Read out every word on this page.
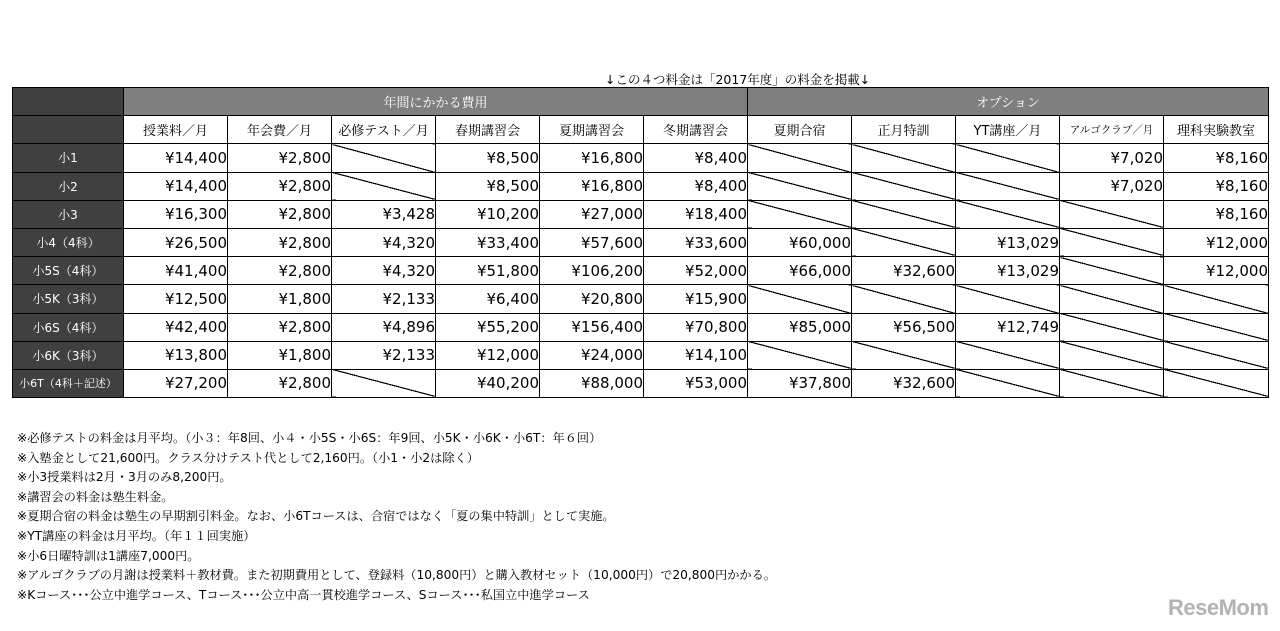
↓この４つ料金は「2017年度」の料金を掲載↓
	年間にかかる費用						オプション				
	授業料／月	年会費／月	必修テスト／月	春期講習会	夏期講習会	冬期講習会	夏期合宿	正月特訓	YT講座／月	アルゴクラブ／月	理科実験教室
小1	¥14,400	¥2,800		¥8,500	¥16,800	¥8,400				¥7,020	¥8,160
小2	¥14,400	¥2,800		¥8,500	¥16,800	¥8,400				¥7,020	¥8,160
小3	¥16,300	¥2,800	¥3,428	¥10,200	¥27,000	¥18,400					¥8,160
小4（4科）	¥26,500	¥2,800	¥4,320	¥33,400	¥57,600	¥33,600	¥60,000		¥13,029		¥12,000
小5S（4科）	¥41,400	¥2,800	¥4,320	¥51,800	¥106,200	¥52,000	¥66,000	¥32,600	¥13,029		¥12,000
小5K（3科）	¥12,500	¥1,800	¥2,133	¥6,400	¥20,800	¥15,900					
小6S（4科）	¥42,400	¥2,800	¥4,896	¥55,200	¥156,400	¥70,800	¥85,000	¥56,500	¥12,749		
小6K（3科）	¥13,800	¥1,800	¥2,133	¥12,000	¥24,000	¥14,100					
小6T（4科＋記述）	¥27,200	¥2,800		¥40,200	¥88,000	¥53,000	¥37,800	¥32,600			
※必修テストの料金は月平均。（小３：年8回、小４・小5S・小6S：年9回、小5K・小6K・小6T：年６回）
※入塾金として21,600円。クラス分けテスト代として2,160円。（小1・小2は除く）
※小3授業料は2月・3月のみ8,200円。
※講習会の料金は塾生料金。
※夏期合宿の料金は塾生の早期割引料金。なお、小6Tコースは、合宿ではなく「夏の集中特訓」として実施。
※YT講座の料金は月平均。（年１１回実施）
※小6日曜特訓は1講座7,000円。
※アルゴクラブの月謝は授業料＋教材費。また初期費用として、登録料（10,800円）と購入教材セット（10,000円）で20,800円かかる。
※Kコース･･･公立中進学コース、Tコース･･･公立中高一貫校進学コース、Sコース･･･私国立中進学コース
ReseMom
